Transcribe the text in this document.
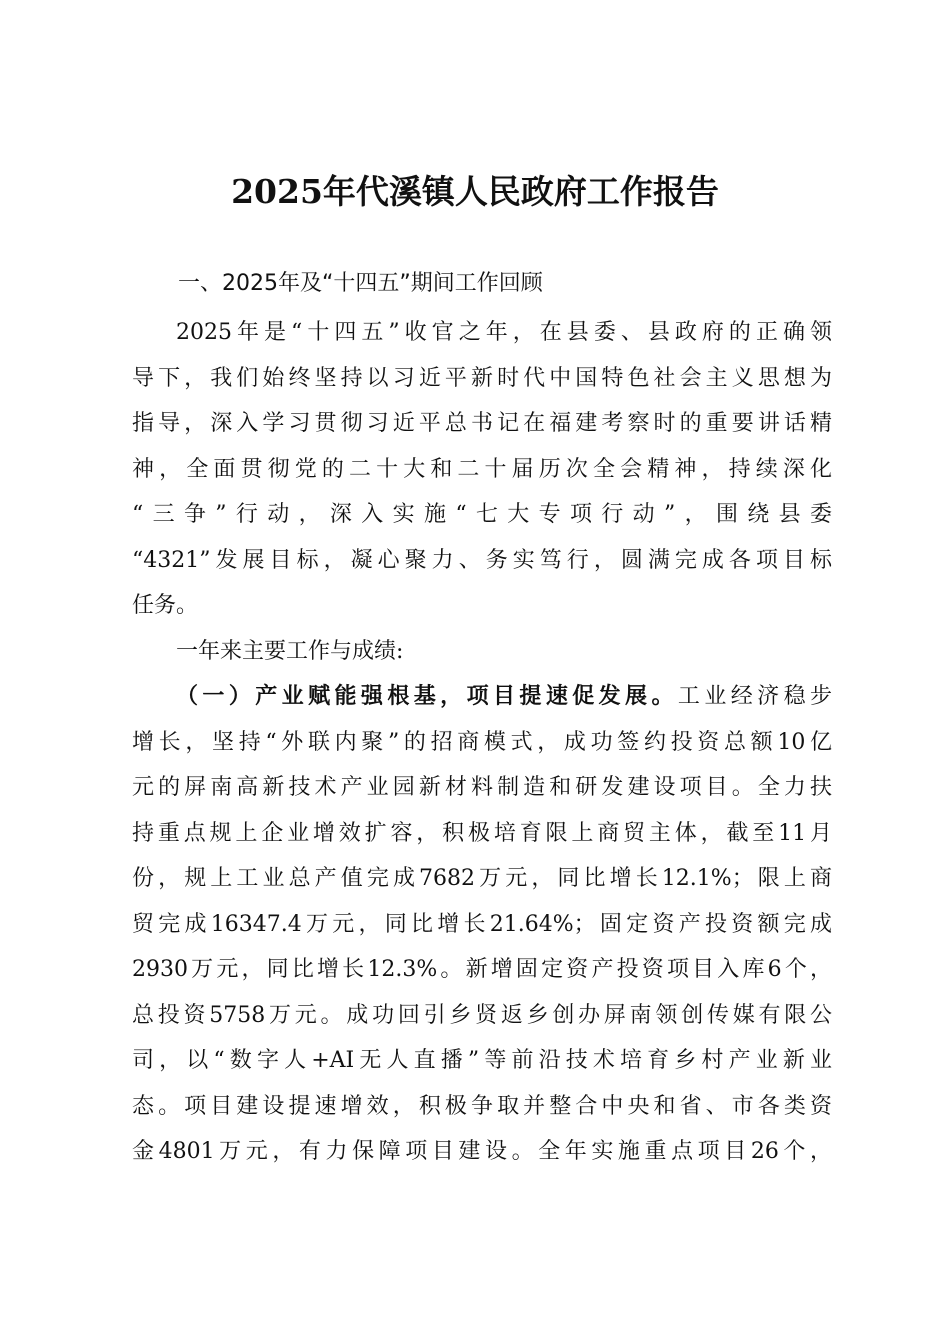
2025年代溪镇人民政府工作报告
一、2025年及“十四五”期间工作回顾
2025年是“十四五”收官之年，在县委、县政府的正确领
导下，我们始终坚持以习近平新时代中国特色社会主义思想为
指导，深入学习贯彻习近平总书记在福建考察时的重要讲话精
神，全面贯彻党的二十大和二十届历次全会精神，持续深化
“三争”行动，深入实施“七大专项行动”，围绕县委
“4321”发展目标，凝心聚力、务实笃行，圆满完成各项目标
任务。
一年来主要工作与成绩:
（一）产业赋能强根基，项目提速促发展。工业经济稳步
增长，坚持“外联内聚”的招商模式，成功签约投资总额10亿
元的屏南高新技术产业园新材料制造和研发建设项目。全力扶
持重点规上企业增效扩容，积极培育限上商贸主体，截至11月
份，规上工业总产值完成7682万元，同比增长12.1%；限上商
贸完成16347.4万元，同比增长21.64%；固定资产投资额完成
2930万元，同比增长12.3%。新增固定资产投资项目入库6个，
总投资5758万元。成功回引乡贤返乡创办屏南领创传媒有限公
司，以“数字人+AI无人直播”等前沿技术培育乡村产业新业
态。项目建设提速增效，积极争取并整合中央和省、市各类资
金4801万元，有力保障项目建设。全年实施重点项目26个，
